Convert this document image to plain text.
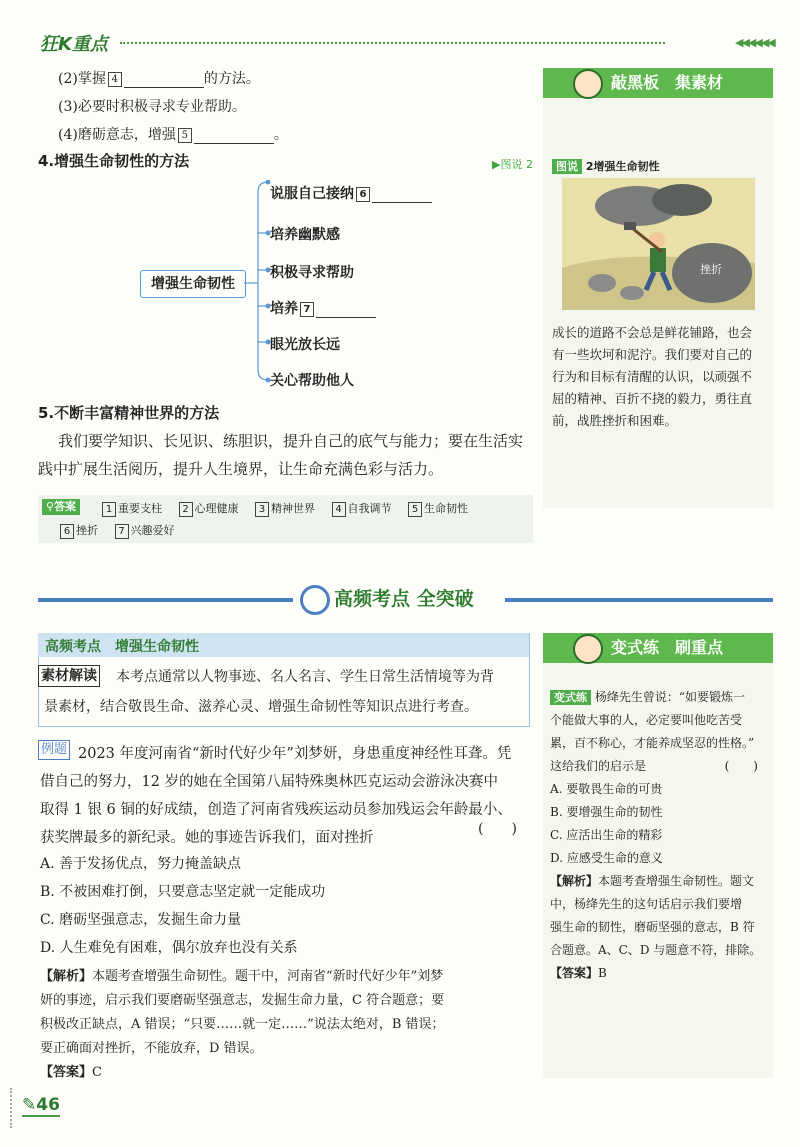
狂K重点	◀◀◀◀◀◀
(2)掌握 4	的方法。
(3)必要时积极寻求专业帮助。
(4)磨砺意志，增强 5	。
4.增强生命韧性的方法	▶图说 2
增强生命韧性
说服自己接纳 6
培养幽默感
积极寻求帮助
培养 7
眼光放长远
关心帮助他人
5.不断丰富精神世界的方法
我们要学知识、长见识、练胆识，提升自己的底气与能力；要在生活实
践中扩展生活阅历，提升人生境界，让生命充满色彩与活力。
⚲答案	1 重要支柱　 2 心理健康　 3 精神世界　 4 自我调节　 5 生命韧性
6 挫折　 7 兴趣爱好
敲黑板　集素材
图说 2增强生命韧性
挫折
成长的道路不会总是鲜花铺路，也会
有一些坎坷和泥泞。我们要对自己的
行为和目标有清醒的认识，以顽强不
屈的精神、百折不挠的毅力，勇往直
前，战胜挫折和困难。
高频考点 全突破
高频考点　增强生命韧性
素材解读 本考点通常以人物事迹、名人名言、学生日常生活情境等为背
景素材，结合敬畏生命、滋养心灵、增强生命韧性等知识点进行考查。
例题 2023 年度河南省“新时代好少年”刘梦妍，身患重度神经性耳聋。凭
借自己的努力，12 岁的她在全国第八届特殊奥林匹克运动会游泳决赛中
取得 1 银 6 铜的好成绩，创造了河南省残疾运动员参加残运会年龄最小、
获奖牌最多的新纪录。她的事迹告诉我们，面对挫折
(　　)
A. 善于发扬优点，努力掩盖缺点
B. 不被困难打倒，只要意志坚定就一定能成功
C. 磨砺坚强意志，发掘生命力量
D. 人生难免有困难，偶尔放弃也没有关系
【解析】本题考查增强生命韧性。题干中，河南省“新时代好少年”刘梦
妍的事迹，启示我们要磨砺坚强意志，发掘生命力量，C 符合题意；要
积极改正缺点，A 错误；“只要……就一定……”说法太绝对，B 错误；
要正确面对挫折，不能放弃，D 错误。
【答案】C
变式练　刷重点
变式练 杨绛先生曾说：“如要锻炼一
个能做大事的人，必定要叫他吃苦受
累，百不称心，才能养成坚忍的性格。”
这给我们的启示是	(　　)
A. 要敬畏生命的可贵
B. 要增强生命的韧性
C. 应活出生命的精彩
D. 应感受生命的意义
【解析】本题考查增强生命韧性。题文
中，杨绛先生的这句话启示我们要增
强生命的韧性，磨砺坚强的意志，B 符
合题意。A、C、D 与题意不符，排除。
【答案】B
✎46
